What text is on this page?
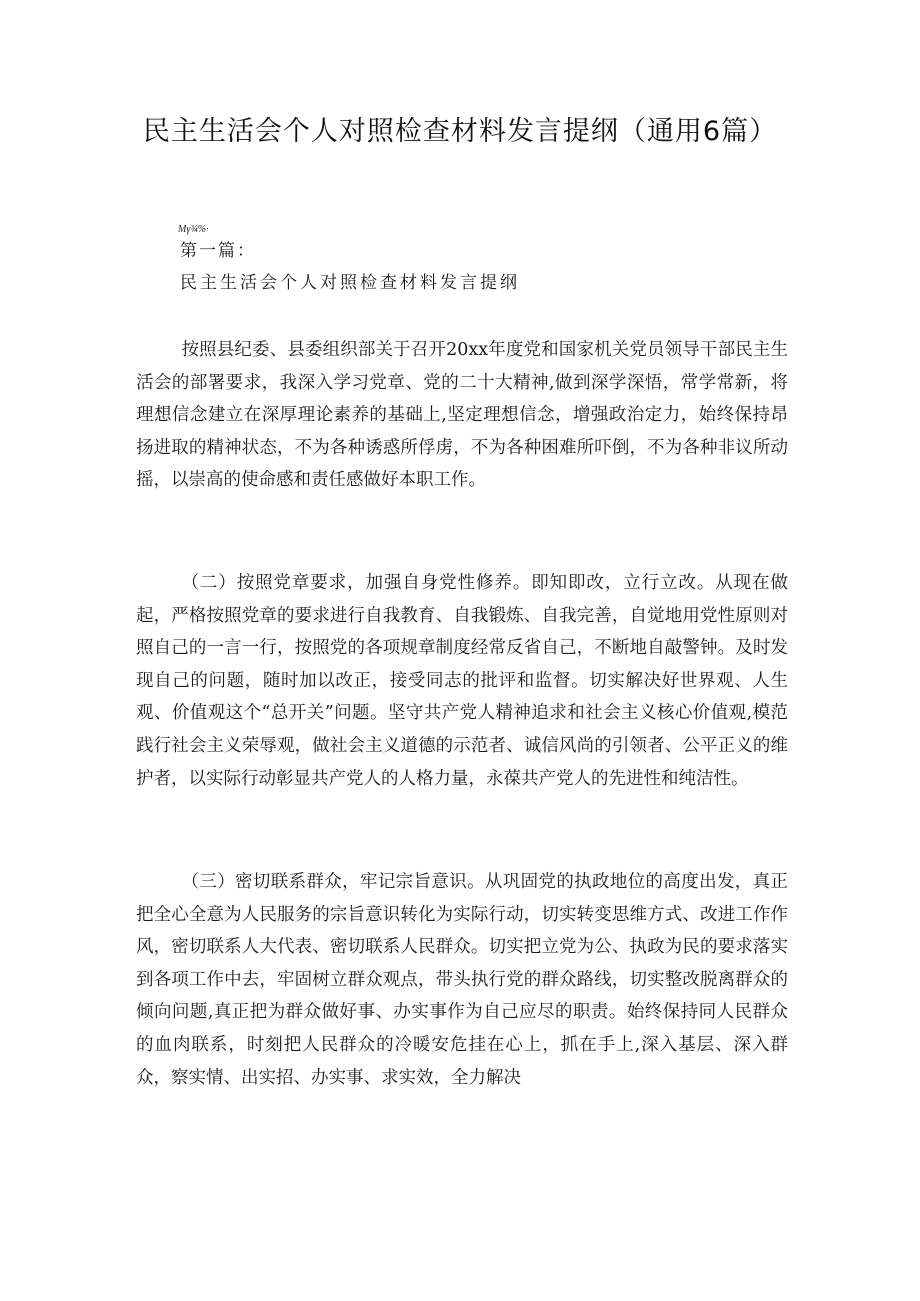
民主生活会个人对照检查材料发言提纲（通用6篇）
Mγ¾%∙
第一篇：
民主生活会个人对照检查材料发言提纲

按照县纪委、县委组织部关于召开20xx年度党和国家机关党员领导干部民主生活会的部署要求，我深入学习党章、党的二十大精神,做到深学深悟，常学常新，将理想信念建立在深厚理论素养的基础上,坚定理想信念，增强政治定力，始终保持昂扬进取的精神状态，不为各种诱惑所俘虏，不为各种困难所吓倒，不为各种非议所动摇，以崇高的使命感和责任感做好本职工作。

（二）按照党章要求，加强自身党性修养。即知即改，立行立改。从现在做起，严格按照党章的要求进行自我教育、自我锻炼、自我完善，自觉地用党性原则对照自己的一言一行，按照党的各项规章制度经常反省自己，不断地自敲警钟。及时发现自己的问题，随时加以改正，接受同志的批评和监督。切实解决好世界观、人生观、价值观这个“总开关”问题。坚守共产党人精神追求和社会主义核心价值观,模范践行社会主义荣辱观，做社会主义道德的示范者、诚信风尚的引领者、公平正义的维护者，以实际行动彰显共产党人的人格力量，永葆共产党人的先进性和纯洁性。

（三）密切联系群众，牢记宗旨意识。从巩固党的执政地位的高度出发，真正把全心全意为人民服务的宗旨意识转化为实际行动，切实转变思维方式、改进工作作风，密切联系人大代表、密切联系人民群众。切实把立党为公、执政为民的要求落实到各项工作中去，牢固树立群众观点，带头执行党的群众路线，切实整改脱离群众的倾向问题,真正把为群众做好事、办实事作为自己应尽的职责。始终保持同人民群众的血肉联系，时刻把人民群众的冷暖安危挂在心上，抓在手上,深入基层、深入群众，察实情、出实招、办实事、求实效，全力解决
